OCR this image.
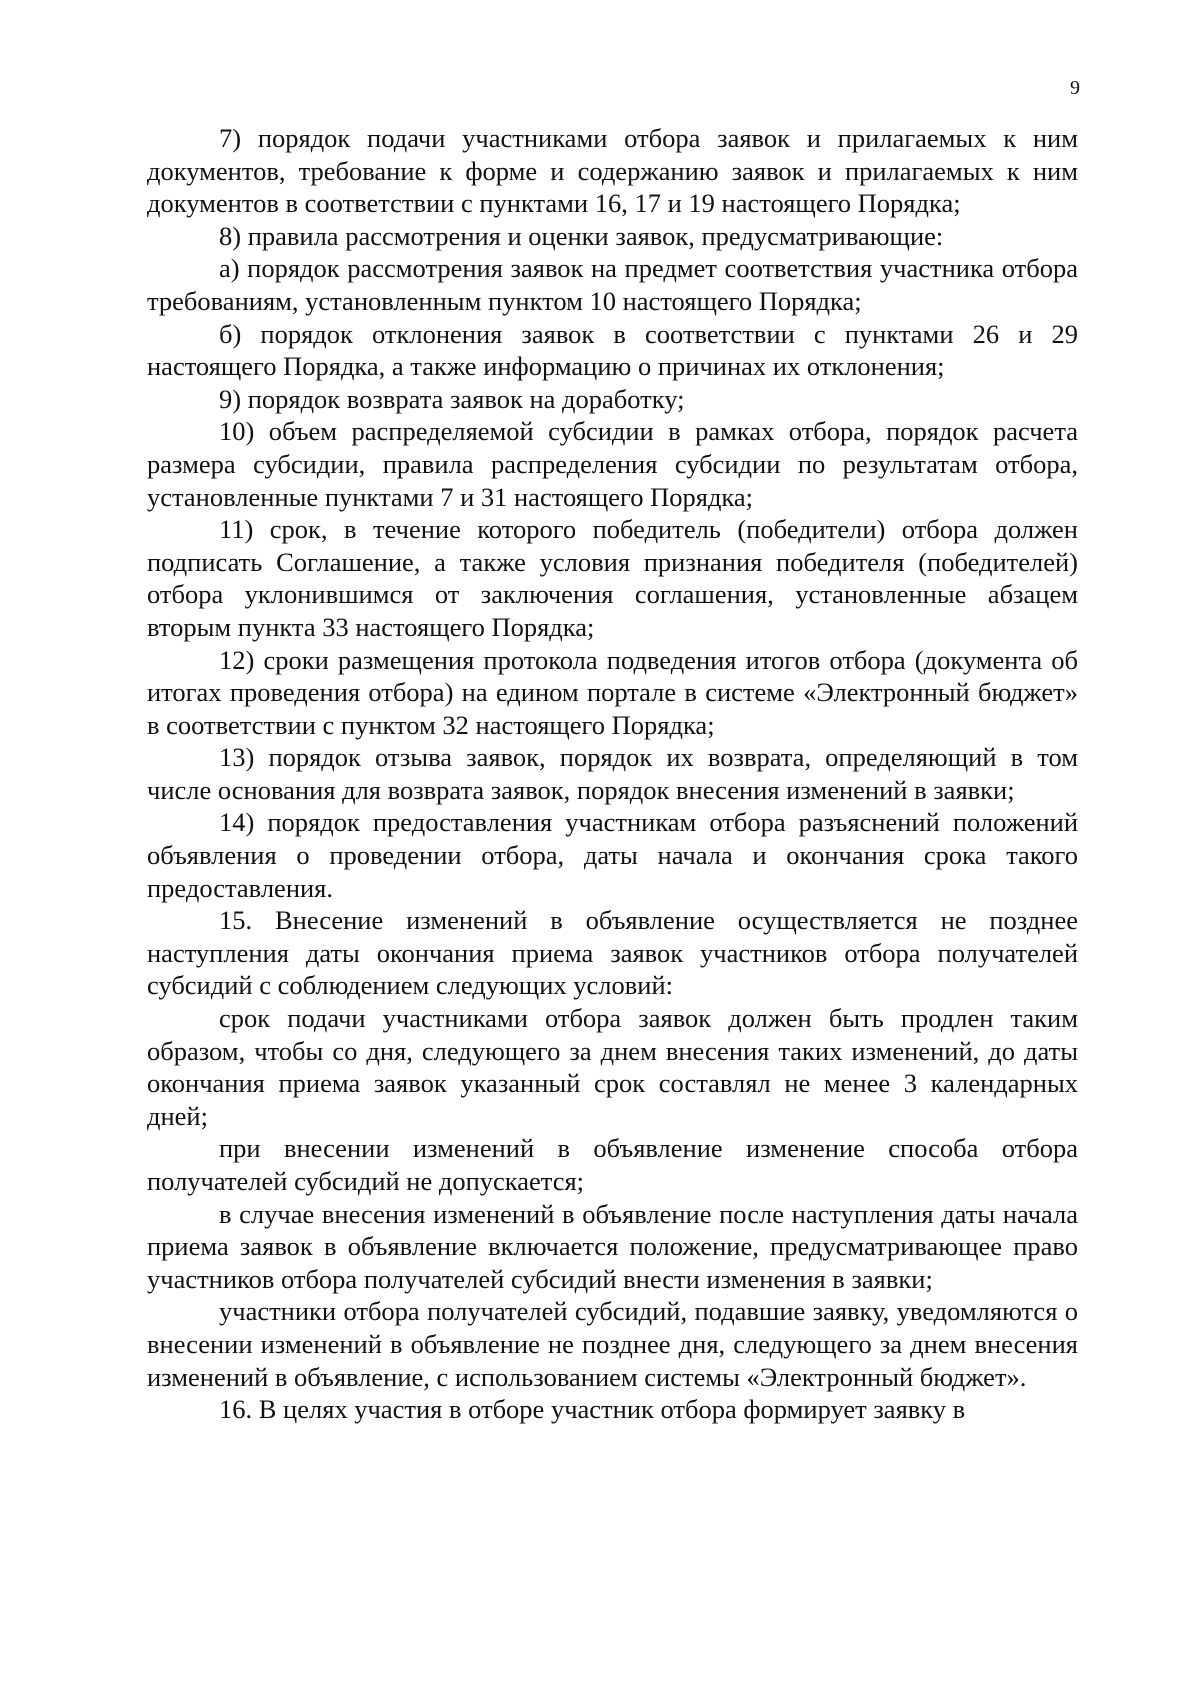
9

7) порядок подачи участниками отбора заявок и прилагаемых к ним документов, требование к форме и содержанию заявок и прилагаемых к ним документов в соответствии с пунктами 16, 17 и 19 настоящего Порядка;

8) правила рассмотрения и оценки заявок, предусматривающие:

а) порядок рассмотрения заявок на предмет соответствия участника отбора требованиям, установленным пунктом 10 настоящего Порядка;

б) порядок отклонения заявок в соответствии с пунктами 26 и 29 настоящего Порядка, а также информацию о причинах их отклонения;

9) порядок возврата заявок на доработку;

10) объем распределяемой субсидии в рамках отбора, порядок расчета размера субсидии, правила распределения субсидии по результатам отбора, установленные пунктами 7 и 31 настоящего Порядка;

11) срок, в течение которого победитель (победители) отбора должен подписать Соглашение, а также условия признания победителя (победителей) отбора уклонившимся от заключения соглашения, установленные абзацем вторым пункта 33 настоящего Порядка;

12) сроки размещения протокола подведения итогов отбора (документа об итогах проведения отбора) на едином портале в системе «Электронный бюджет» в соответствии с пунктом 32 настоящего Порядка;

13) порядок отзыва заявок, порядок их возврата, определяющий в том числе основания для возврата заявок, порядок внесения изменений в заявки;

14) порядок предоставления участникам отбора разъяснений положений объявления о проведении отбора, даты начала и окончания срока такого предоставления.

15. Внесение изменений в объявление осуществляется не позднее наступления даты окончания приема заявок участников отбора получателей субсидий с соблюдением следующих условий:

срок подачи участниками отбора заявок должен быть продлен таким образом, чтобы со дня, следующего за днем внесения таких изменений, до даты окончания приема заявок указанный срок составлял не менее 3 календарных дней;

при внесении изменений в объявление изменение способа отбора получателей субсидий не допускается;

в случае внесения изменений в объявление после наступления даты начала приема заявок в объявление включается положение, предусматривающее право участников отбора получателей субсидий внести изменения в заявки;

участники отбора получателей субсидий, подавшие заявку, уведомляются о внесении изменений в объявление не позднее дня, следующего за днем внесения изменений в объявление, с использованием системы «Электронный бюджет».

16. В целях участия в отборе участник отбора формирует заявку в
